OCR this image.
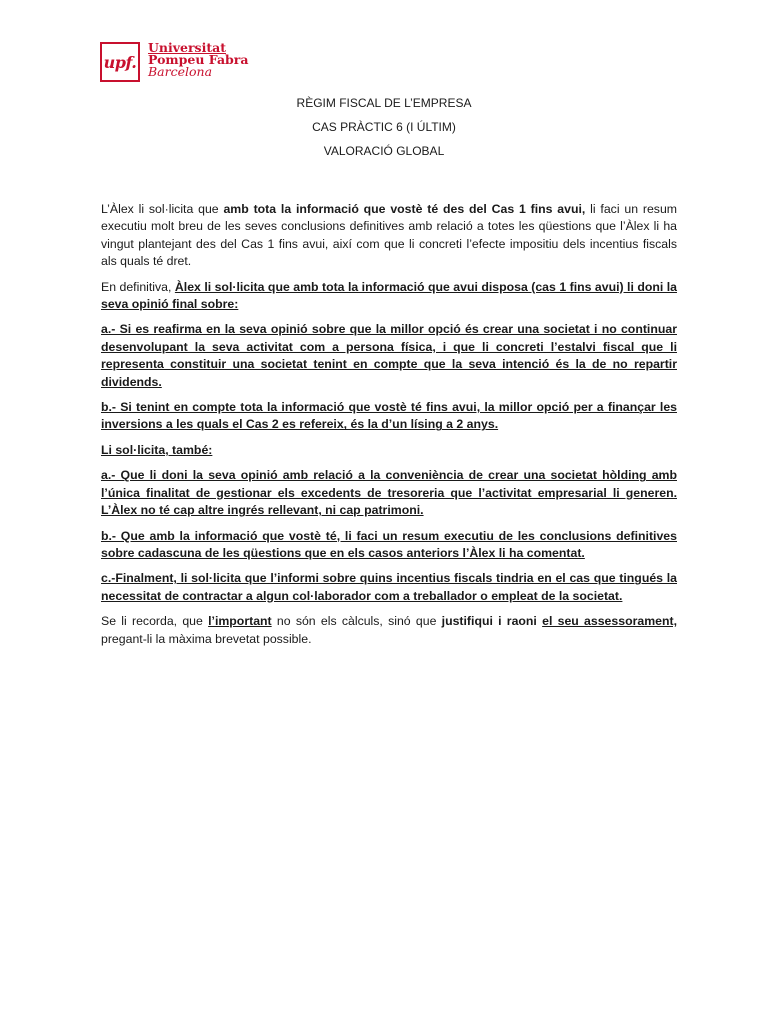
upf.
Universitat
Pompeu Fabra
Barcelona
RÈGIM FISCAL DE L’EMPRESA
CAS PRÀCTIC 6 (I ÚLTIM)
VALORACIÓ GLOBAL

L’Àlex li sol·licita que amb tota la informació que vostè té des del Cas 1 fins avui, li faci un resum executiu molt breu de les seves conclusions definitives amb relació a totes les qüestions que l’Àlex li ha vingut plantejant des del Cas 1 fins avui, així com que li concreti l’efecte impositiu dels incentius fiscals als quals té dret.

En definitiva, Àlex li sol·licita que amb tota la informació que avui disposa (cas 1 fins avui) li doni la seva opinió final sobre:

a.- Si es reafirma en la seva opinió sobre que la millor opció és crear una societat i no continuar desenvolupant la seva activitat com a persona física, i que li concreti l’estalvi fiscal que li representa constituir una societat tenint en compte que la seva intenció és la de no repartir dividends.

b.- Si tenint en compte tota la informació que vostè té fins avui, la millor opció per a finançar les inversions a les quals el Cas 2 es refereix, és la d’un lísing a 2 anys.

Li sol·licita, també:

a.- Que li doni la seva opinió amb relació a la conveniència de crear una societat hòlding amb l’única finalitat de gestionar els excedents de tresoreria que l’activitat empresarial li generen. L’Àlex no té cap altre ingrés rellevant, ni cap patrimoni.

b.- Que amb la informació que vostè té, li faci un resum executiu de les conclusions definitives sobre cadascuna de les qüestions que en els casos anteriors l’Àlex li ha comentat.

c.-Finalment, li sol·licita que l’informi sobre quins incentius fiscals tindria en el cas que tingués la necessitat de contractar a algun col·laborador com a treballador o empleat de la societat.

Se li recorda, que l’important no són els càlculs, sinó que justifiqui i raoni el seu assessorament, pregant-li la màxima brevetat possible.
